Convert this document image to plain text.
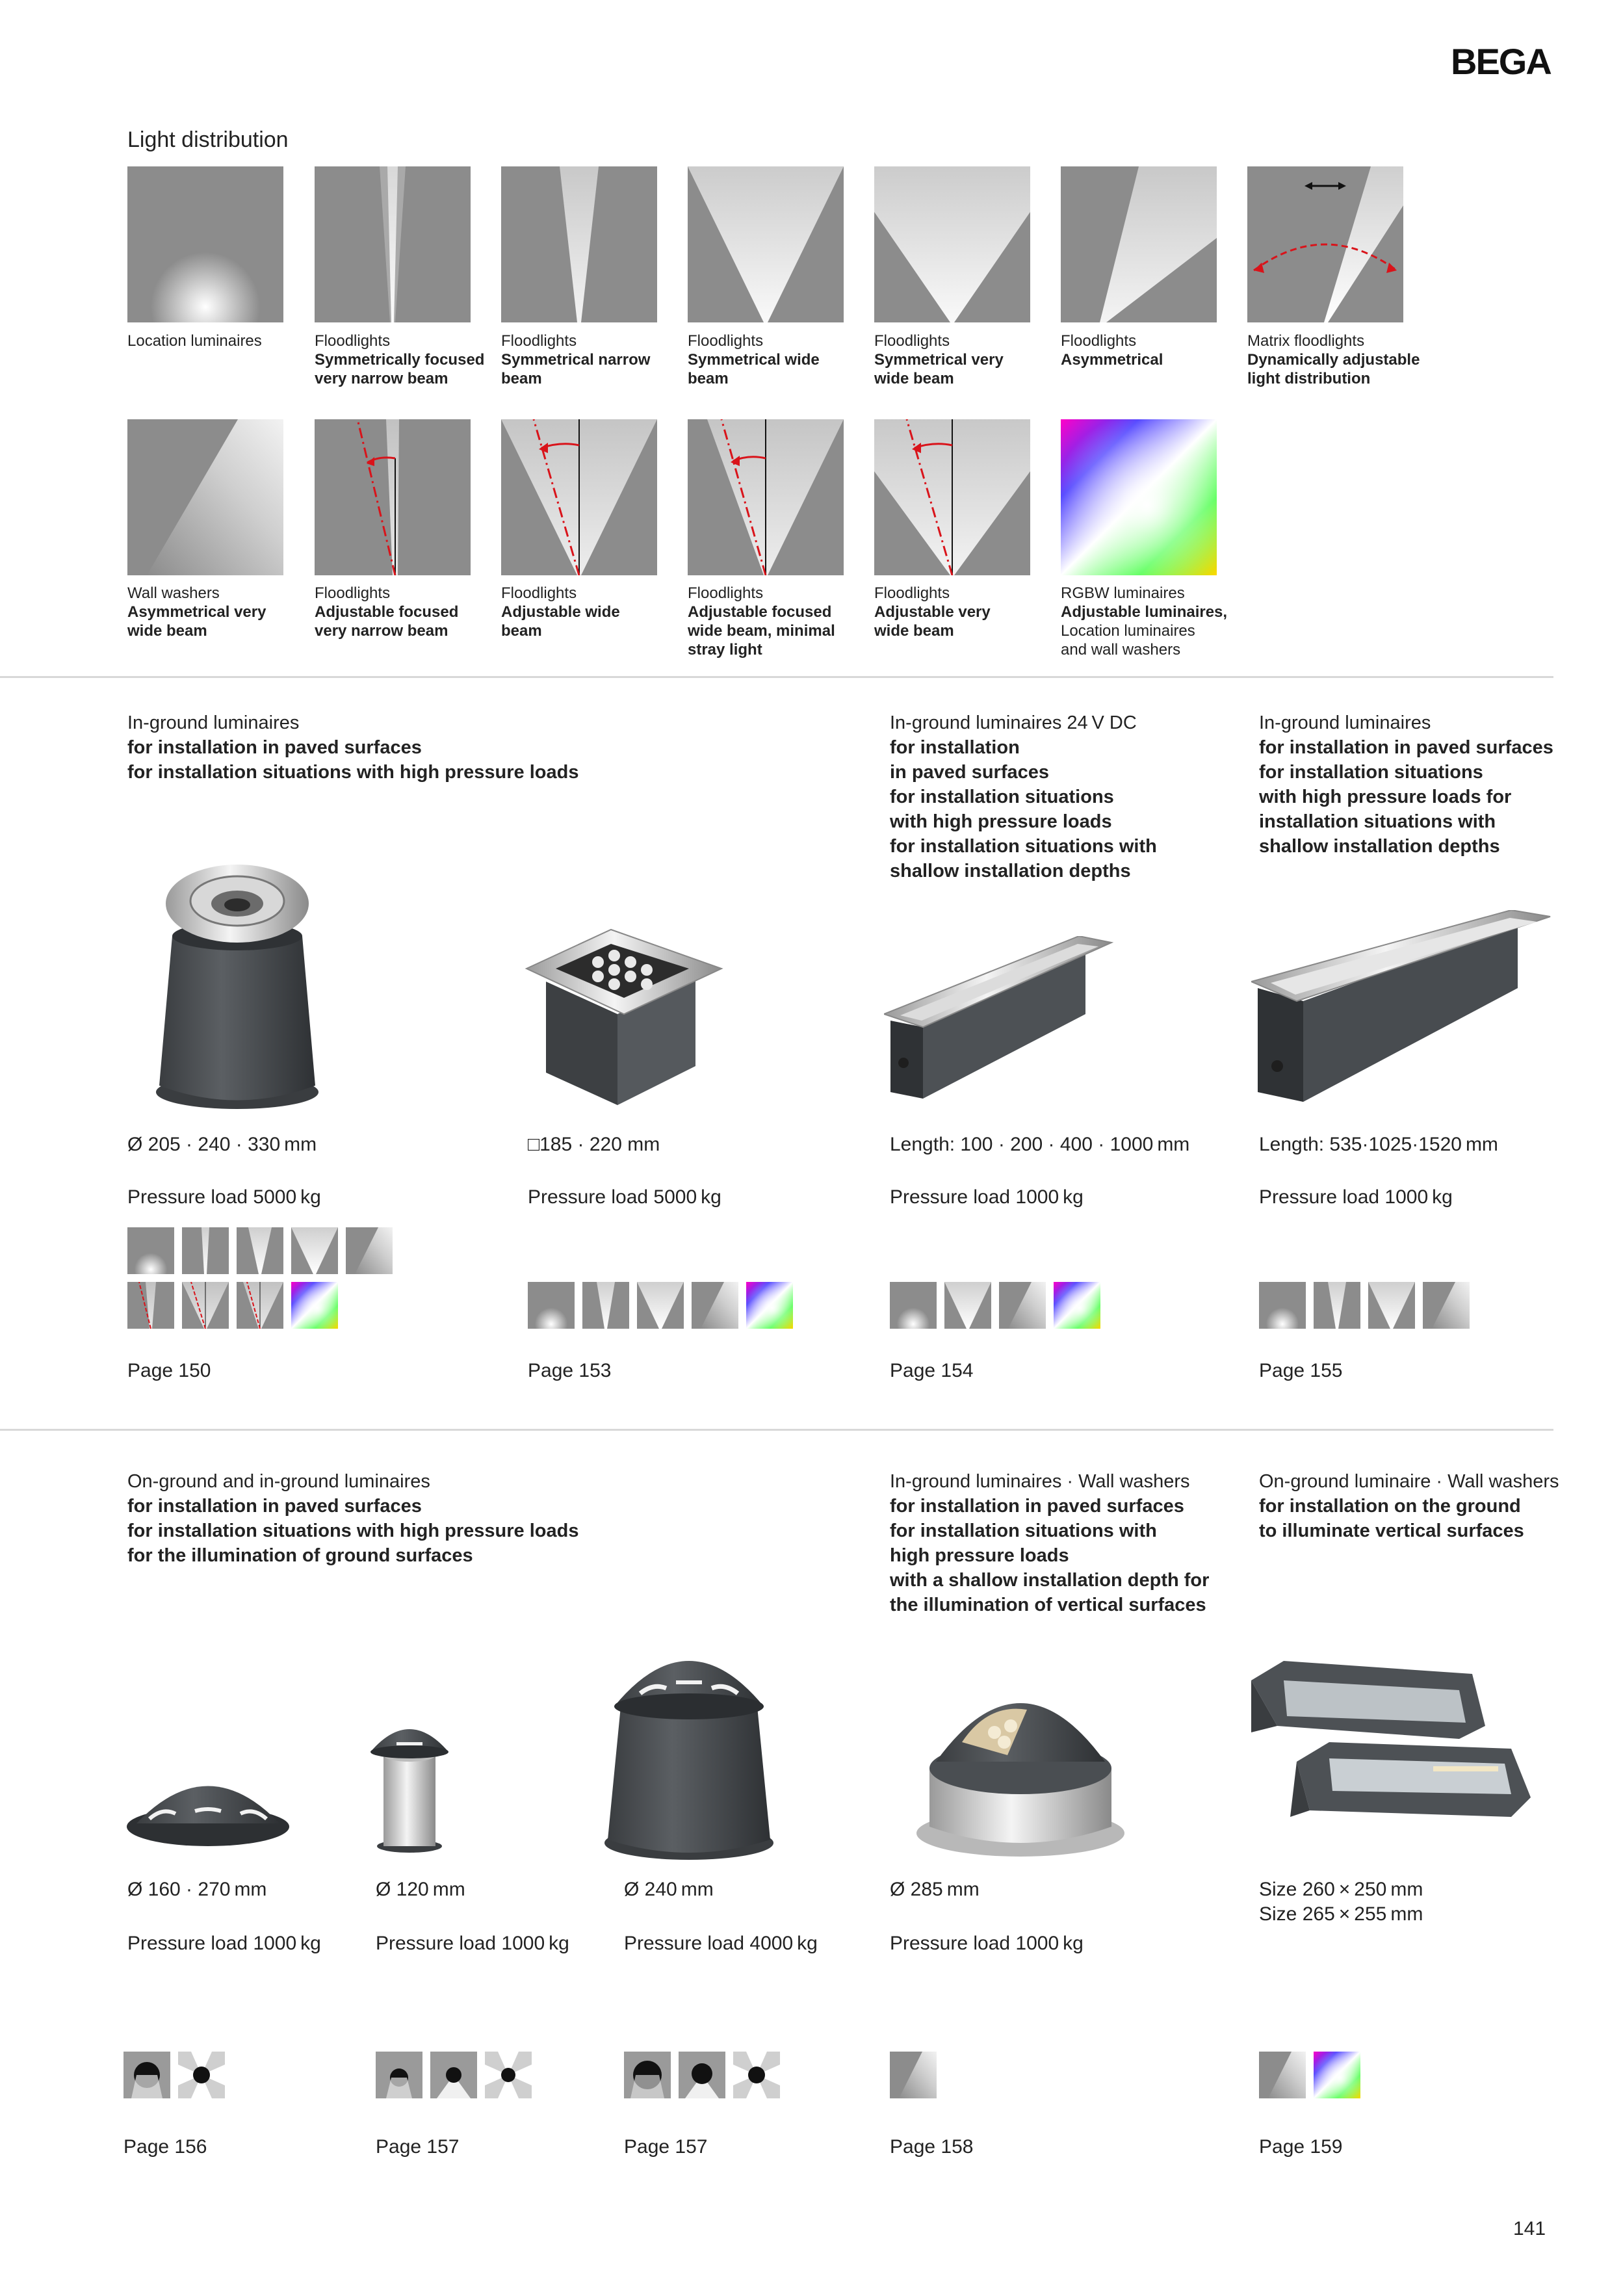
BEGA
Light distribution
Location luminaires	Floodlights
Symmetrically focused
very narrow beam
Floodlights
Symmetrical narrow
beam
Floodlights
Symmetrical wide
beam
Floodlights
Symmetrical very
wide beam
Floodlights
Asymmetrical
Matrix floodlights
Dynamically adjustable
light distribution
Wall washers
Asymmetrical very
wide beam
Floodlights
Adjustable focused
very narrow beam
Floodlights
Adjustable wide
beam
Floodlights
Adjustable focused
wide beam, minimal
stray light
Floodlights
Adjustable very
wide beam
RGBW luminaires
Adjustable luminaires,
Location luminaires
and wall washers
In-ground luminaires
for installation in paved surfaces
for installation situations with high pressure loads
In-ground luminaires 24 V DC
for installation
in paved surfaces
for installation situations
with high pressure loads
for installation situations with
shallow installation depths
In-ground luminaires
for installation in paved surfaces
for installation situations
with high pressure loads for
installation situations with
shallow installation depths
Ø 205 · 240 · 330 mm	□185 · 220 mm	Length: 100 · 200 · 400 · 1000 mm	Length: 535·1025·1520 mm
Pressure load 5000 kg	Pressure load 5000 kg	Pressure load 1000 kg	Pressure load 1000 kg
Page 150	Page 153	Page 154	Page 155
On-ground and in-ground luminaires
for installation in paved surfaces
for installation situations with high pressure loads
for the illumination of ground surfaces
In-ground luminaires · Wall washers
for installation in paved surfaces
for installation situations with
high pressure loads
with a shallow installation depth for
the illumination of vertical surfaces
On-ground luminaire · Wall washers
for installation on the ground
to illuminate vertical surfaces
Ø 160 · 270 mm	Ø 120 mm	Ø 240 mm	Ø 285 mm	Size 260 × 250 mm
Size 265 × 255 mm
Pressure load 1000 kg	Pressure load 1000 kg	Pressure load 4000 kg	Pressure load 1000 kg
Page 156	Page 157	Page 157	Page 158	Page 159
141
